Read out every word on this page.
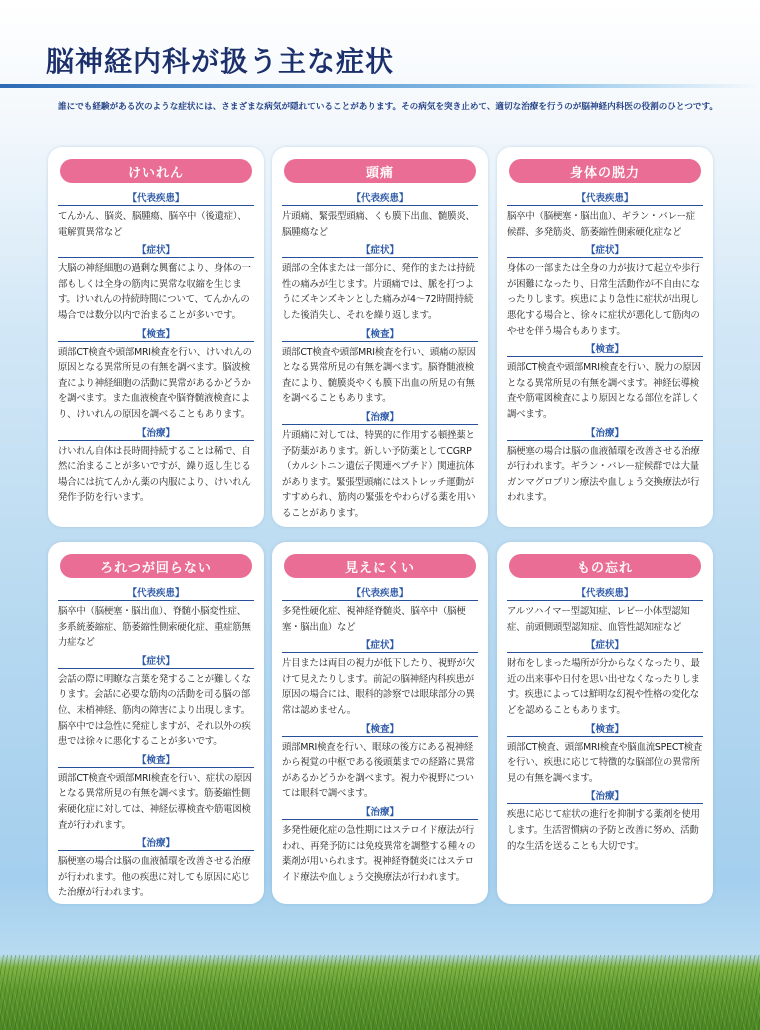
脳神経内科が扱う主な症状
誰にでも経験がある次のような症状には、さまざまな病気が隠れていることがあります。その病気を突き止めて、適切な治療を行うのが脳神経内科医の役割のひとつです。
けいれん
【代表疾患】
てんかん、脳炎、脳腫瘍、脳卒中（後遺症）、電解質異常など
【症状】
大脳の神経細胞の過剰な興奮により、身体の一部もしくは全身の筋肉に異常な収縮を生じます。けいれんの持続時間について、てんかんの場合では数分以内で治まることが多いです。
【検査】
頭部CT検査や頭部MRI検査を行い、けいれんの原因となる異常所見の有無を調べます。脳波検査により神経細胞の活動に異常があるかどうかを調べます。また血液検査や脳脊髄液検査により、けいれんの原因を調べることもあります。
【治療】
けいれん自体は長時間持続することは稀で、自然に治まることが多いですが、繰り返し生じる場合には抗てんかん薬の内服により、けいれん発作予防を行います。
頭痛
【代表疾患】
片頭痛、緊張型頭痛、くも膜下出血、髄膜炎、脳腫瘍など
【症状】
頭部の全体または一部分に、発作的または持続性の痛みが生じます。片頭痛では、脈を打つようにズキンズキンとした痛みが4～72時間持続した後消失し、それを繰り返します。
【検査】
頭部CT検査や頭部MRI検査を行い、頭痛の原因となる異常所見の有無を調べます。脳脊髄液検査により、髄膜炎やくも膜下出血の所見の有無を調べることもあります。
【治療】
片頭痛に対しては、特異的に作用する頓挫薬と予防薬があります。新しい予防薬としてCGRP（カルシトニン遺伝子関連ペプチド）関連抗体があります。緊張型頭痛にはストレッチ運動がすすめられ、筋肉の緊張をやわらげる薬を用いることがあります。
身体の脱力
【代表疾患】
脳卒中（脳梗塞・脳出血）、ギラン・バレー症候群、多発筋炎、筋萎縮性側索硬化症など
【症状】
身体の一部または全身の力が抜けて起立や歩行が困難になったり、日常生活動作が不自由になったりします。疾患により急性に症状が出現し悪化する場合と、徐々に症状が悪化して筋肉のやせを伴う場合もあります。
【検査】
頭部CT検査や頭部MRI検査を行い、脱力の原因となる異常所見の有無を調べます。神経伝導検査や筋電図検査により原因となる部位を詳しく調べます。
【治療】
脳梗塞の場合は脳の血液循環を改善させる治療が行われます。ギラン・バレー症候群では大量ガンマグロブリン療法や血しょう交換療法が行われます。
ろれつが回らない
【代表疾患】
脳卒中（脳梗塞・脳出血）、脊髄小脳変性症、多系統萎縮症、筋萎縮性側索硬化症、重症筋無力症など
【症状】
会話の際に明瞭な言葉を発することが難しくなります。会話に必要な筋肉の活動を司る脳の部位、末梢神経、筋肉の障害により出現します。脳卒中では急性に発症しますが、それ以外の疾患では徐々に悪化することが多いです。
【検査】
頭部CT検査や頭部MRI検査を行い、症状の原因となる異常所見の有無を調べます。筋萎縮性側索硬化症に対しては、神経伝導検査や筋電図検査が行われます。
【治療】
脳梗塞の場合は脳の血液循環を改善させる治療が行われます。他の疾患に対しても原因に応じた治療が行われます。
見えにくい
【代表疾患】
多発性硬化症、視神経脊髄炎、脳卒中（脳梗塞・脳出血）など
【症状】
片目または両目の視力が低下したり、視野が欠けて見えたりします。前記の脳神経内科疾患が原因の場合には、眼科的診察では眼球部分の異常は認めません。
【検査】
頭部MRI検査を行い、眼球の後方にある視神経から視覚の中枢である後頭葉までの経路に異常があるかどうかを調べます。視力や視野については眼科で調べます。
【治療】
多発性硬化症の急性期にはステロイド療法が行われ、再発予防には免疫異常を調整する種々の薬剤が用いられます。視神経脊髄炎にはステロイド療法や血しょう交換療法が行われます。
もの忘れ
【代表疾患】
アルツハイマー型認知症、レビー小体型認知症、前頭側頭型認知症、血管性認知症など
【症状】
財布をしまった場所が分からなくなったり、最近の出来事や日付を思い出せなくなったりします。疾患によっては鮮明な幻視や性格の変化などを認めることもあります。
【検査】
頭部CT検査、頭部MRI検査や脳血流SPECT検査を行い、疾患に応じて特徴的な脳部位の異常所見の有無を調べます。
【治療】
疾患に応じて症状の進行を抑制する薬剤を使用します。生活習慣病の予防と改善に努め、活動的な生活を送ることも大切です。
